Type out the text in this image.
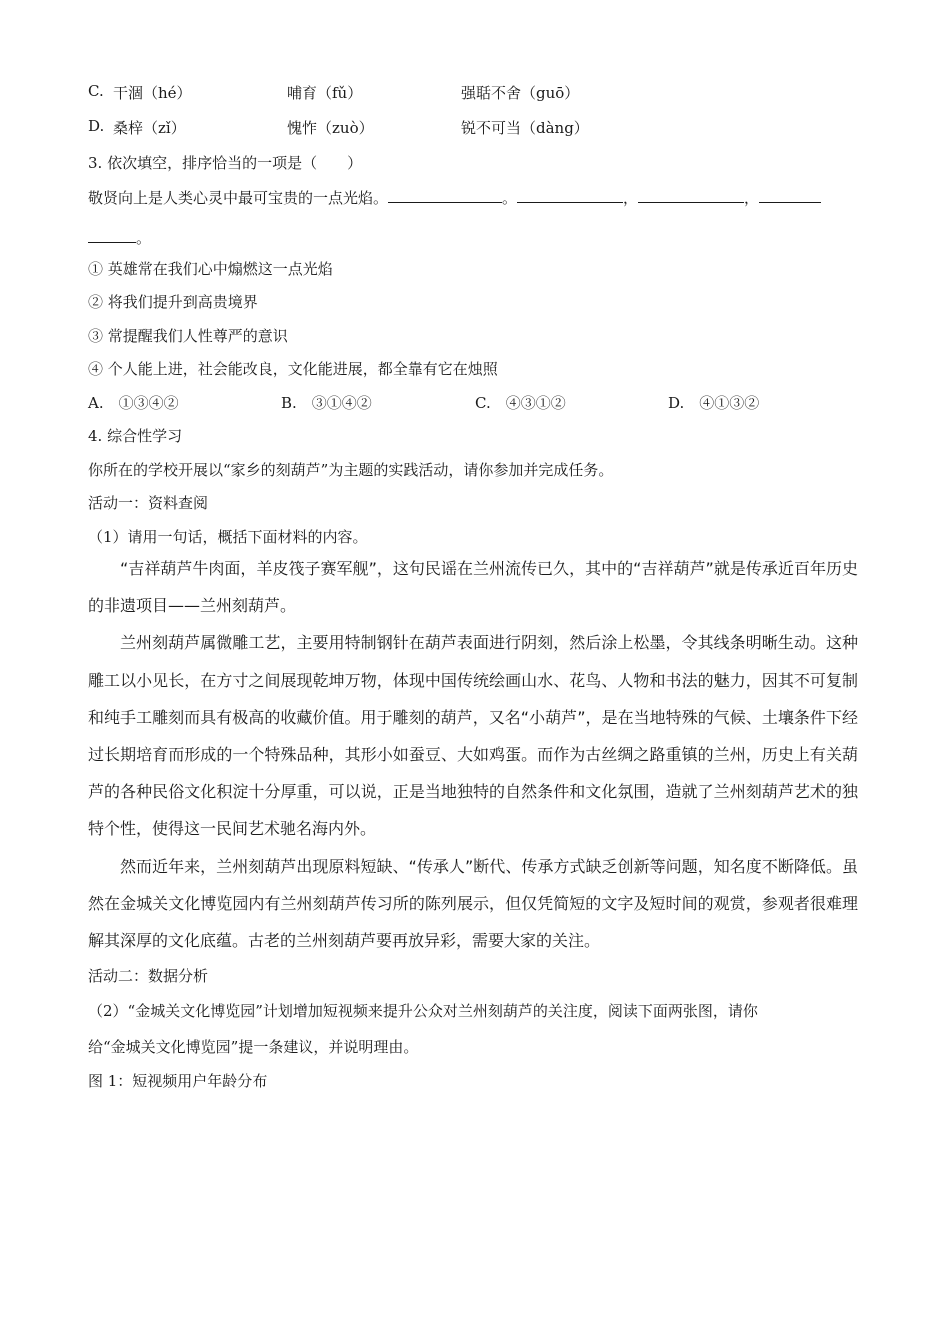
C. 干涸（hé）	哺育（fǔ）	强聒不舍（guō）
D. 桑梓（zǐ）	愧怍（zuò）	锐不可当（dàng）
3. 依次填空，排序恰当的一项是（　　）
敬贤向上是人类心灵中最可宝贵的一点光焰。	。	，	，
。
① 英雄常在我们心中煽燃这一点光焰
② 将我们提升到高贵境界
③ 常提醒我们人性尊严的意识
④ 个人能上进，社会能改良，文化能进展，都全靠有它在烛照
A.　①③④②	B.　③①④②	C.　④③①②	D.　④①③②
4. 综合性学习
你所在的学校开展以“家乡的刻葫芦”为主题的实践活动，请你参加并完成任务。
活动一：资料查阅
（1）请用一句话，概括下面材料的内容。

“吉祥葫芦牛肉面，羊皮筏子赛军舰”，这句民谣在兰州流传已久，其中的“吉祥葫芦”就是传承近百年历史的非遗项目——兰州刻葫芦。

兰州刻葫芦属微雕工艺，主要用特制钢针在葫芦表面进行阴刻，然后涂上松墨，令其线条明晰生动。这种雕工以小见长，在方寸之间展现乾坤万物，体现中国传统绘画山水、花鸟、人物和书法的魅力，因其不可复制和纯手工雕刻而具有极高的收藏价值。用于雕刻的葫芦，又名“小葫芦”，是在当地特殊的气候、土壤条件下经过长期培育而形成的一个特殊品种，其形小如蚕豆、大如鸡蛋。而作为古丝绸之路重镇的兰州，历史上有关葫芦的各种民俗文化积淀十分厚重，可以说，正是当地独特的自然条件和文化氛围，造就了兰州刻葫芦艺术的独特个性，使得这一民间艺术驰名海内外。

然而近年来，兰州刻葫芦出现原料短缺、“传承人”断代、传承方式缺乏创新等问题，知名度不断降低。虽然在金城关文化博览园内有兰州刻葫芦传习所的陈列展示，但仅凭简短的文字及短时间的观赏，参观者很难理解其深厚的文化底蕴。古老的兰州刻葫芦要再放异彩，需要大家的关注。

活动二：数据分析
（2）“金城关文化博览园”计划增加短视频来提升公众对兰州刻葫芦的关注度，阅读下面两张图，请你
给“金城关文化博览园”提一条建议，并说明理由。
图 1：短视频用户年龄分布
